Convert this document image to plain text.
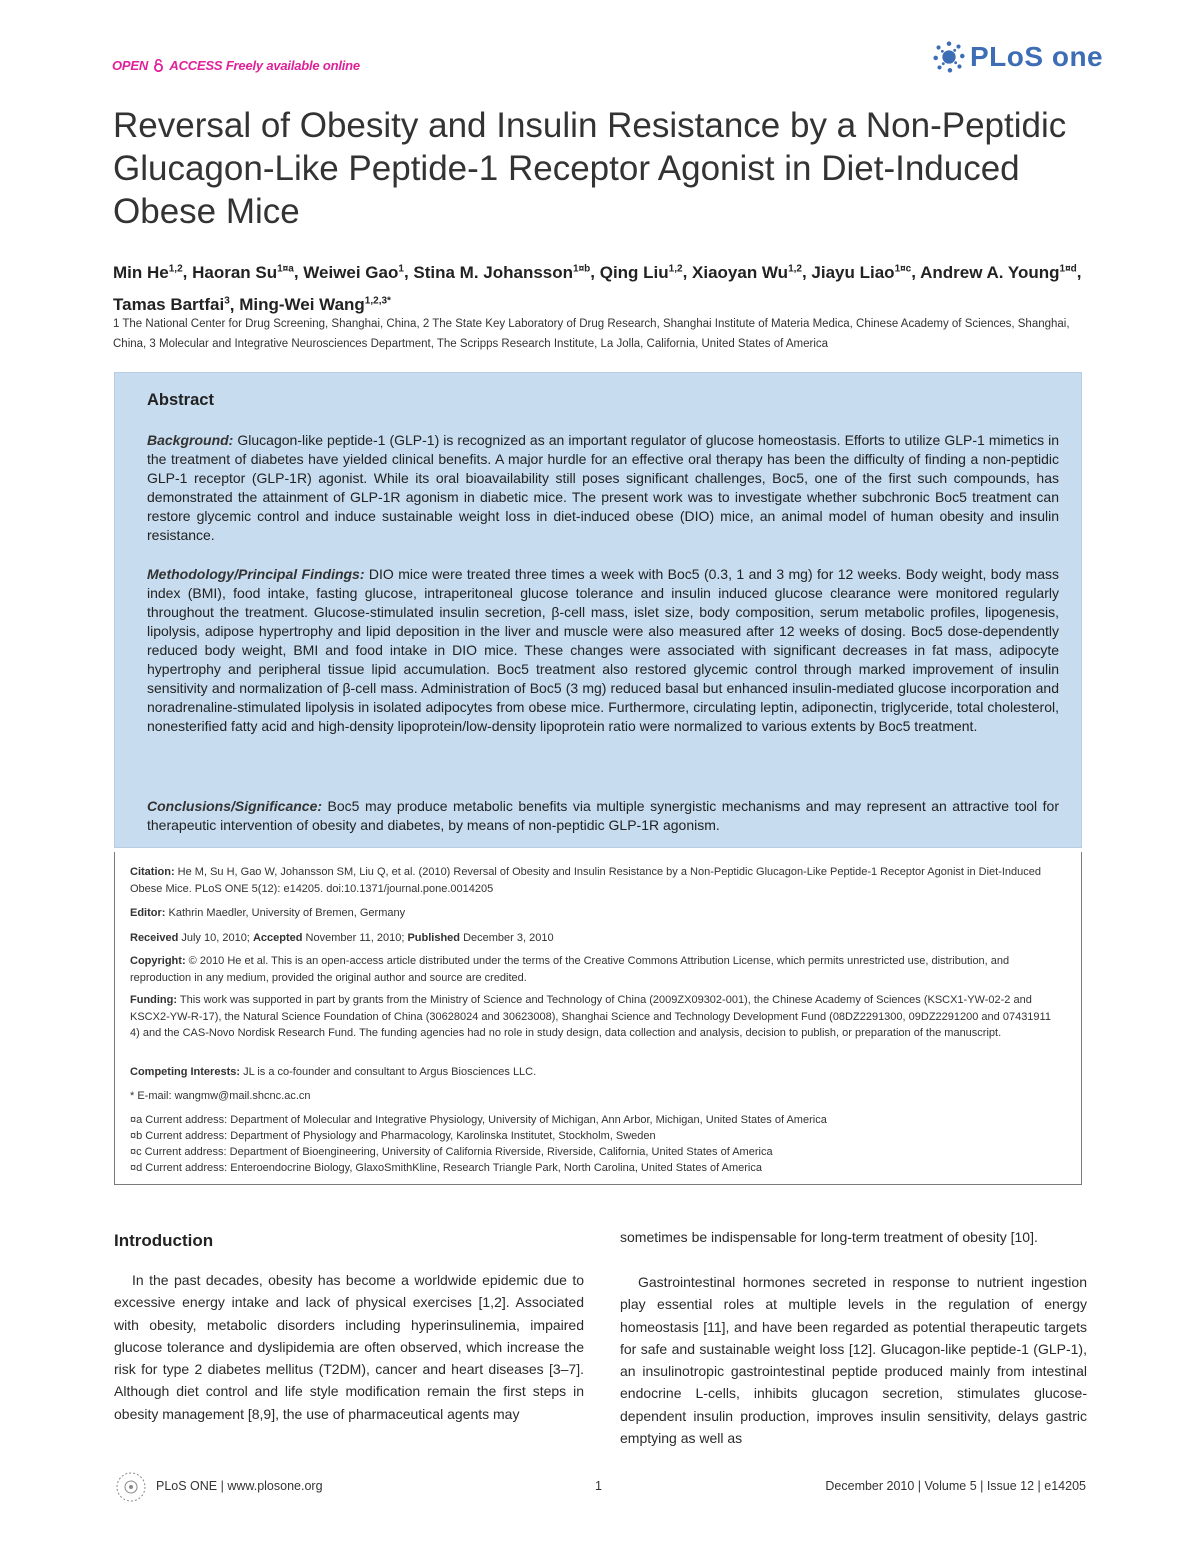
OPEN ACCESS Freely available online	PLoS one
Reversal of Obesity and Insulin Resistance by a Non-Peptidic Glucagon-Like Peptide-1 Receptor Agonist in Diet-Induced Obese Mice
Min He$^{1,2}$, Haoran $Su^{1¤a}$, Weiwei Gao$^1$, Stina M. Johansson$^{1¤b}$, Qing Liu$^{1,2}$, Xiaoyan Wu$^{1,2}$, Jiayu Liao$^{1¤c}$, Andrew A. Young$^{1¤d}$, Tamas Bartfai$^3$, Ming-Wei Wang$^{1,2,3*}$
1 The National Center for Drug Screening, Shanghai, China, 2 The State Key Laboratory of Drug Research, Shanghai Institute of Materia Medica, Chinese Academy of Sciences, Shanghai, China, 3 Molecular and Integrative Neurosciences Department, The Scripps Research Institute, La Jolla, California, United States of America
Abstract

Background: Glucagon-like peptide-1 (GLP-1) is recognized as an important regulator of glucose homeostasis. Efforts to utilize GLP-1 mimetics in the treatment of diabetes have yielded clinical benefits. A major hurdle for an effective oral therapy has been the difficulty of finding a non-peptidic GLP-1 receptor (GLP-1R) agonist. While its oral bioavailability still poses significant challenges, Boc5, one of the first such compounds, has demonstrated the attainment of GLP-1R agonism in diabetic mice. The present work was to investigate whether subchronic Boc5 treatment can restore glycemic control and induce sustainable weight loss in diet-induced obese (DIO) mice, an animal model of human obesity and insulin resistance.

Methodology/Principal Findings: DIO mice were treated three times a week with Boc5 (0.3, 1 and 3 mg) for 12 weeks. Body weight, body mass index (BMI), food intake, fasting glucose, intraperitoneal glucose tolerance and insulin induced glucose clearance were monitored regularly throughout the treatment. Glucose-stimulated insulin secretion, β-cell mass, islet size, body composition, serum metabolic profiles, lipogenesis, lipolysis, adipose hypertrophy and lipid deposition in the liver and muscle were also measured after 12 weeks of dosing. Boc5 dose-dependently reduced body weight, BMI and food intake in DIO mice. These changes were associated with significant decreases in fat mass, adipocyte hypertrophy and peripheral tissue lipid accumulation. Boc5 treatment also restored glycemic control through marked improvement of insulin sensitivity and normalization of β-cell mass. Administration of Boc5 (3 mg) reduced basal but enhanced insulin-mediated glucose incorporation and noradrenaline-stimulated lipolysis in isolated adipocytes from obese mice. Furthermore, circulating leptin, adiponectin, triglyceride, total cholesterol, nonesterified fatty acid and high-density lipoprotein/low-density lipoprotein ratio were normalized to various extents by Boc5 treatment.

Conclusions/Significance: Boc5 may produce metabolic benefits via multiple synergistic mechanisms and may represent an attractive tool for therapeutic intervention of obesity and diabetes, by means of non-peptidic GLP-1R agonism.

Citation: He M, Su H, Gao W, Johansson SM, Liu Q, et al. (2010) Reversal of Obesity and Insulin Resistance by a Non-Peptidic Glucagon-Like Peptide-1 Receptor Agonist in Diet-Induced Obese Mice. PLoS ONE 5(12): e14205. doi:10.1371/journal.pone.0014205

Editor: Kathrin Maedler, University of Bremen, Germany

Received July 10, 2010; Accepted November 11, 2010; Published December 3, 2010

Copyright: © 2010 He et al. This is an open-access article distributed under the terms of the Creative Commons Attribution License, which permits unrestricted use, distribution, and reproduction in any medium, provided the original author and source are credited.

Funding: This work was supported in part by grants from the Ministry of Science and Technology of China (2009ZX09302-001), the Chinese Academy of Sciences (KSCX1-YW-02-2 and KSCX2-YW-R-17), the Natural Science Foundation of China (30628024 and 30623008), Shanghai Science and Technology Development Fund (08DZ2291300, 09DZ2291200 and 07431911 4) and the CAS-Novo Nordisk Research Fund. The funding agencies had no role in study design, data collection and analysis, decision to publish, or preparation of the manuscript.

Competing Interests: JL is a co-founder and consultant to Argus Biosciences LLC.

* E-mail: wangmw@mail.shcnc.ac.cn

¤a Current address: Department of Molecular and Integrative Physiology, University of Michigan, Ann Arbor, Michigan, United States of America

¤b Current address: Department of Physiology and Pharmacology, Karolinska Institutet, Stockholm, Sweden

¤c Current address: Department of Bioengineering, University of California Riverside, Riverside, California, United States of America

¤d Current address: Enteroendocrine Biology, GlaxoSmithKline, Research Triangle Park, North Carolina, United States of America

Introduction

In the past decades, obesity has become a worldwide epidemic due to excessive energy intake and lack of physical exercises [1,2]. Associated with obesity, metabolic disorders including hyperinsulinemia, impaired glucose tolerance and dyslipidemia are often observed, which increase the risk for type 2 diabetes mellitus (T2DM), cancer and heart diseases [3–7]. Although diet control and life style modification remain the first steps in obesity management [8,9], the use of pharmaceutical agents may

sometimes be indispensable for long-term treatment of obesity [10].

Gastrointestinal hormones secreted in response to nutrient ingestion play essential roles at multiple levels in the regulation of energy homeostasis [11], and have been regarded as potential therapeutic targets for safe and sustainable weight loss [12]. Glucagon-like peptide-1 (GLP-1), an insulinotropic gastrointestinal peptide produced mainly from intestinal endocrine L-cells, inhibits glucagon secretion, stimulates glucose-dependent insulin production, improves insulin sensitivity, delays gastric emptying as well as

PLoS ONE | www.plosone.org	1	December 2010 | Volume 5 | Issue 12 | e14205
